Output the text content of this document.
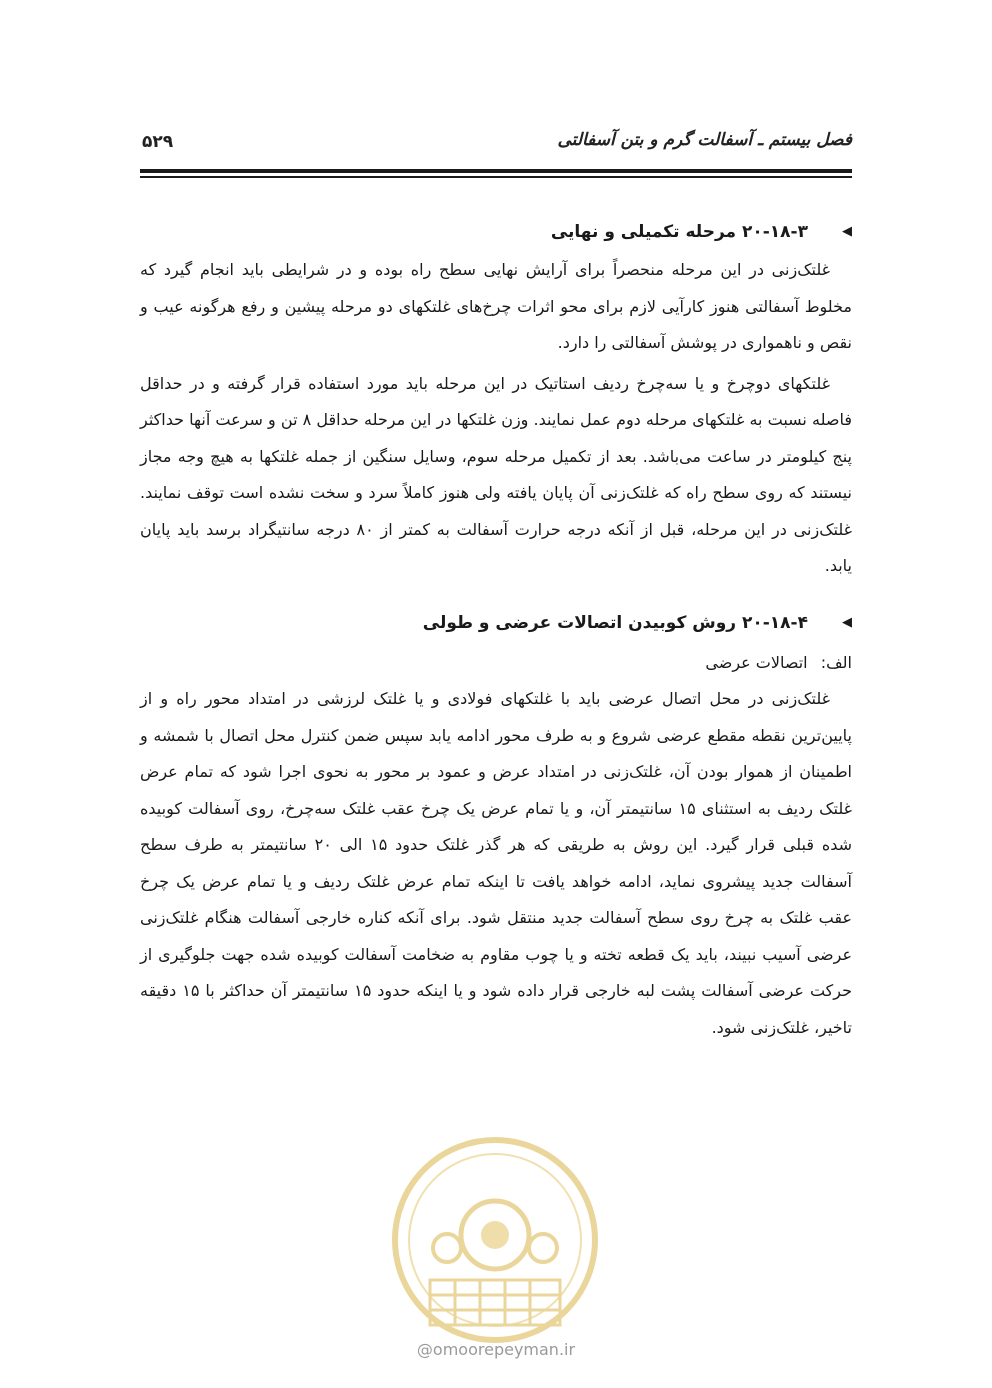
فصل بیستم ـ آسفالت گرم و بتن آسفالتی
۵۲۹
◀
۲۰-۱۸-۳ مرحله تکمیلی و نهایی

غلتک‌زنی در این مرحله منحصراً برای آرایش نهایی سطح راه بوده و در شرایطی باید انجام گیرد که مخلوط آسفالتی هنوز کارآیی لازم برای محو اثرات چرخ‌های غلتکهای دو مرحله پیشین و رفع هرگونه عیب و نقص و ناهمواری در پوشش آسفالتی را دارد.

غلتکهای دوچرخ و یا سه‌چرخ ردیف استاتیک در این مرحله باید مورد استفاده قرار گرفته و در حداقل فاصله نسبت به غلتکهای مرحله دوم عمل نمایند. وزن غلتکها در این مرحله حداقل ۸ تن و سرعت آنها حداکثر پنج کیلومتر در ساعت می‌باشد. بعد از تکمیل مرحله سوم، وسایل سنگین از جمله غلتکها به هیچ وجه مجاز نیستند که روی سطح راه که غلتک‌زنی آن پایان یافته ولی هنوز کاملاً سرد و سخت نشده است توقف نمایند. غلتک‌زنی در این مرحله، قبل از آنکه درجه حرارت آسفالت به کمتر از ۸۰ درجه سانتیگراد برسد باید پایان یابد.

◀
۲۰-۱۸-۴ روش کوبیدن اتصالات عرضی و طولی

الف: اتصالات عرضی

غلتک‌زنی در محل اتصال عرضی باید با غلتکهای فولادی و یا غلتک لرزشی در امتداد محور راه و از پایین‌ترین نقطه مقطع عرضی شروع و به طرف محور ادامه یابد سپس ضمن کنترل محل اتصال با شمشه و اطمینان از هموار بودن آن، غلتک‌زنی در امتداد عرض و عمود بر محور به نحوی اجرا شود که تمام عرض غلتک ردیف به استثنای ۱۵ سانتیمتر آن، و یا تمام عرض یک چرخ عقب غلتک سه‌چرخ، روی آسفالت کوبیده شده قبلی قرار گیرد. این روش به طریقی که هر گذر غلتک حدود ۱۵ الی ۲۰ سانتیمتر به طرف سطح آسفالت جدید پیشروی نماید، ادامه خواهد یافت تا اینکه تمام عرض غلتک ردیف و یا تمام عرض یک چرخ عقب غلتک به چرخ روی سطح آسفالت جدید منتقل شود. برای آنکه کناره خارجی آسفالت هنگام غلتک‌زنی عرضی آسیب نبیند، باید یک قطعه تخته و یا چوب مقاوم به ضخامت آسفالت کوبیده شده جهت جلوگیری از حرکت عرضی آسفالت پشت لبه خارجی قرار داده شود و یا اینکه حدود ۱۵ سانتیمتر آن حداکثر با ۱۵ دقیقه تاخیر، غلتک‌زنی شود.

@omoorepeyman.ir
